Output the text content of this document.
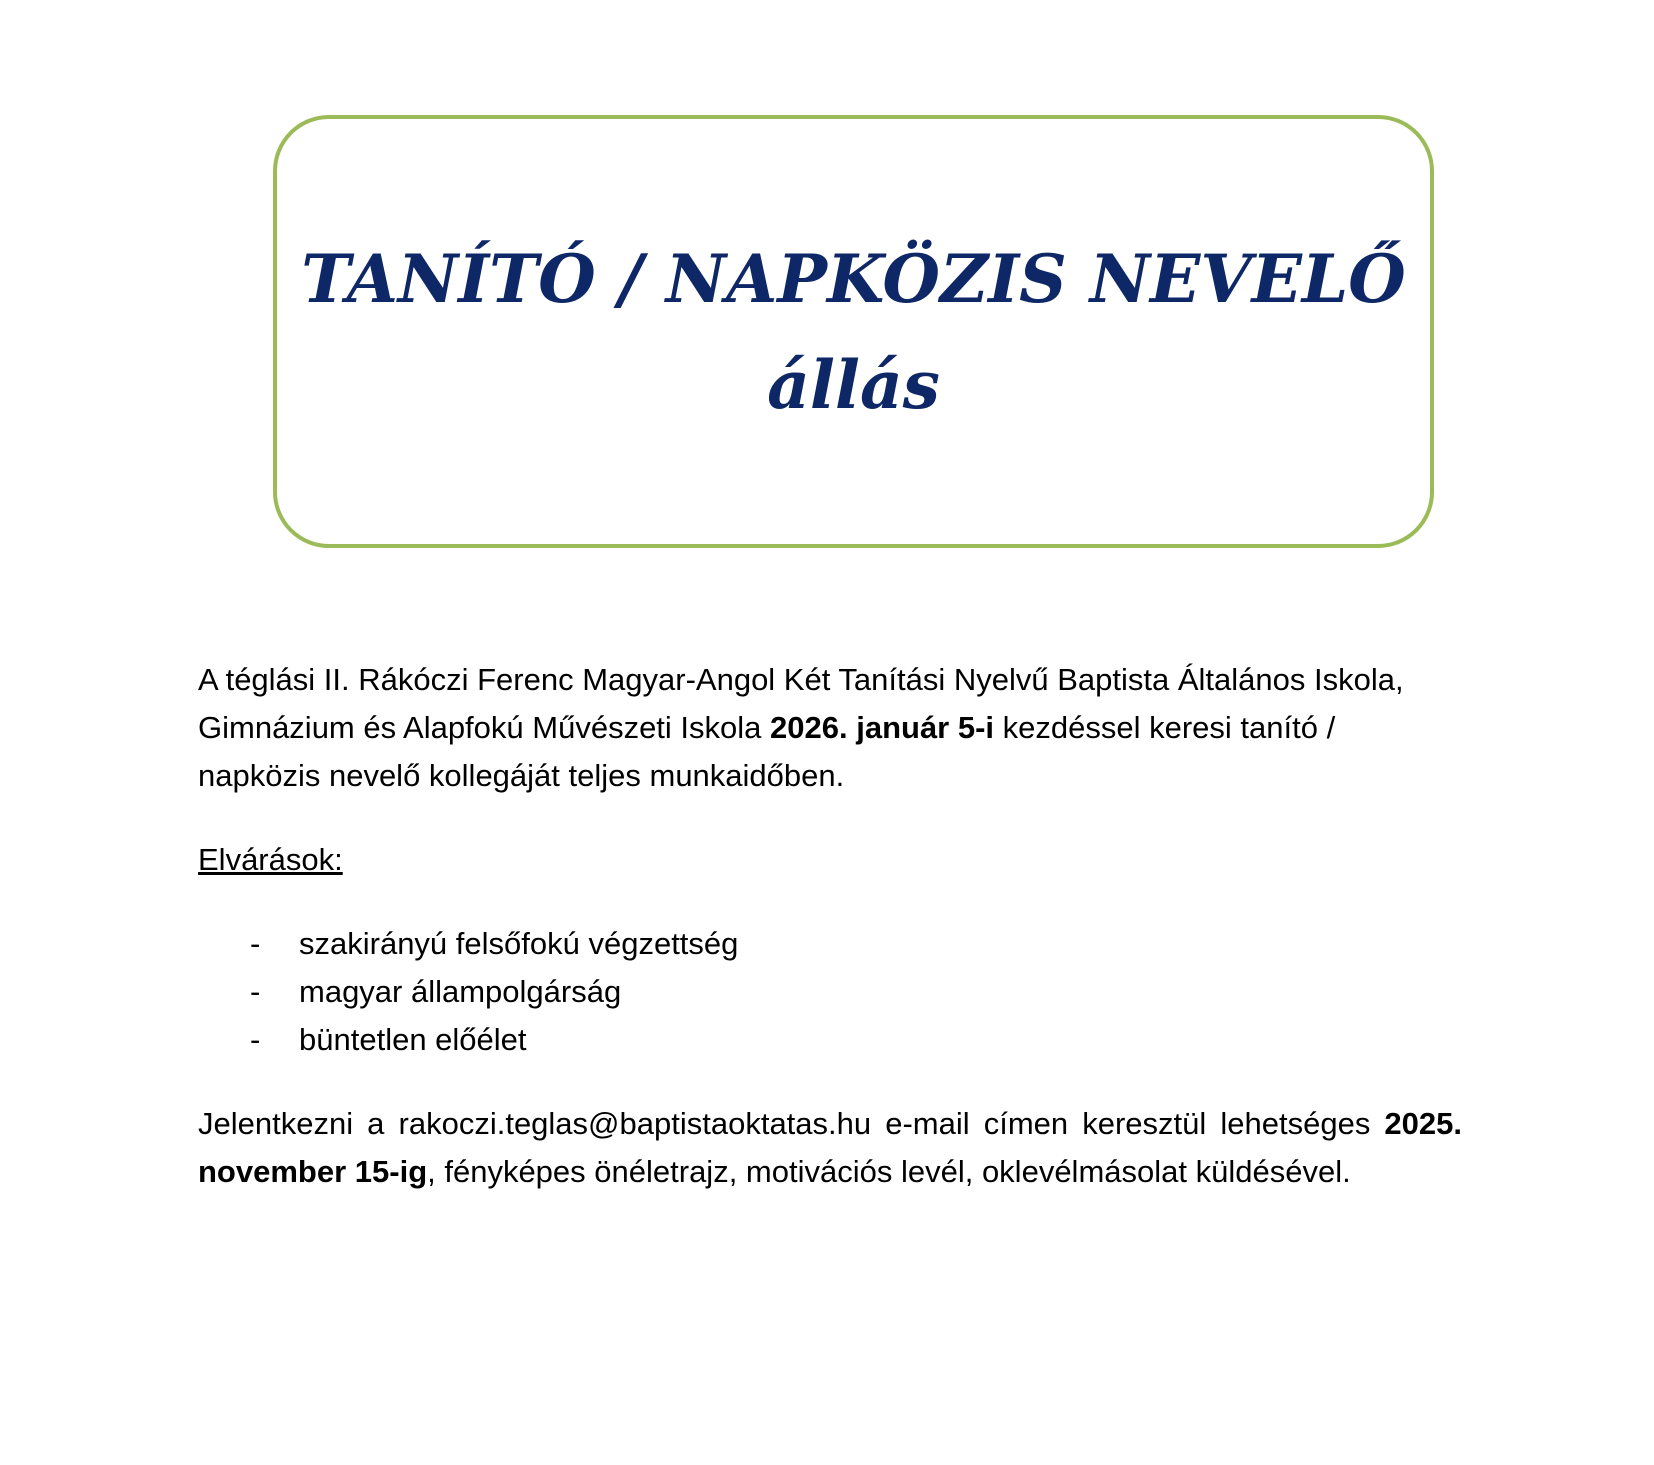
TANÍTÓ / NAPKÖZIS NEVELŐ
állás

A téglási II. Rákóczi Ferenc Magyar-Angol Két Tanítási Nyelvű Baptista Általános Iskola, Gimnázium és Alapfokú Művészeti Iskola 2026. január 5-i kezdéssel keresi tanító / napközis nevelő kollegáját teljes munkaidőben.

Elvárások:

- szakirányú felsőfokú végzettség
- magyar állampolgárság
- büntetlen előélet

Jelentkezni a rakoczi.teglas@baptistaoktatas.hu e-mail címen keresztül lehetséges 2025. november 15-ig, fényképes önéletrajz, motivációs levél, oklevélmásolat küldésével.
